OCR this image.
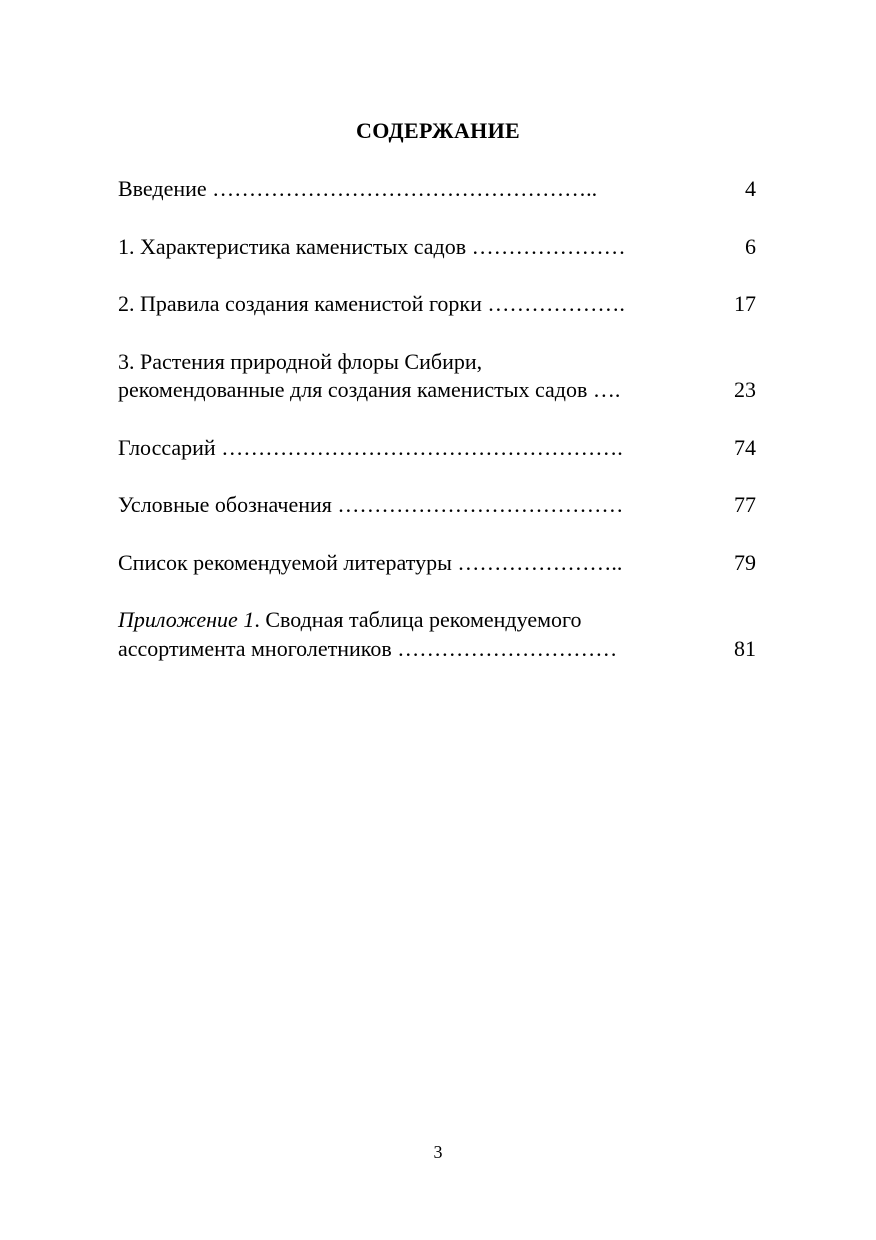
СОДЕРЖАНИЕ
Введение ……………………………………………..	4
1. Характеристика каменистых садов …………………	6
2. Правила создания каменистой горки ……………….	17
3. Растения природной флоры Сибири,
рекомендованные для создания каменистых садов ….	23
Глоссарий ……………………………………………….	74
Условные обозначения …………………………………	77
Список рекомендуемой литературы …………………..	79
Приложение 1. Сводная таблица рекомендуемого
ассортимента многолетников …………………………	81
3
